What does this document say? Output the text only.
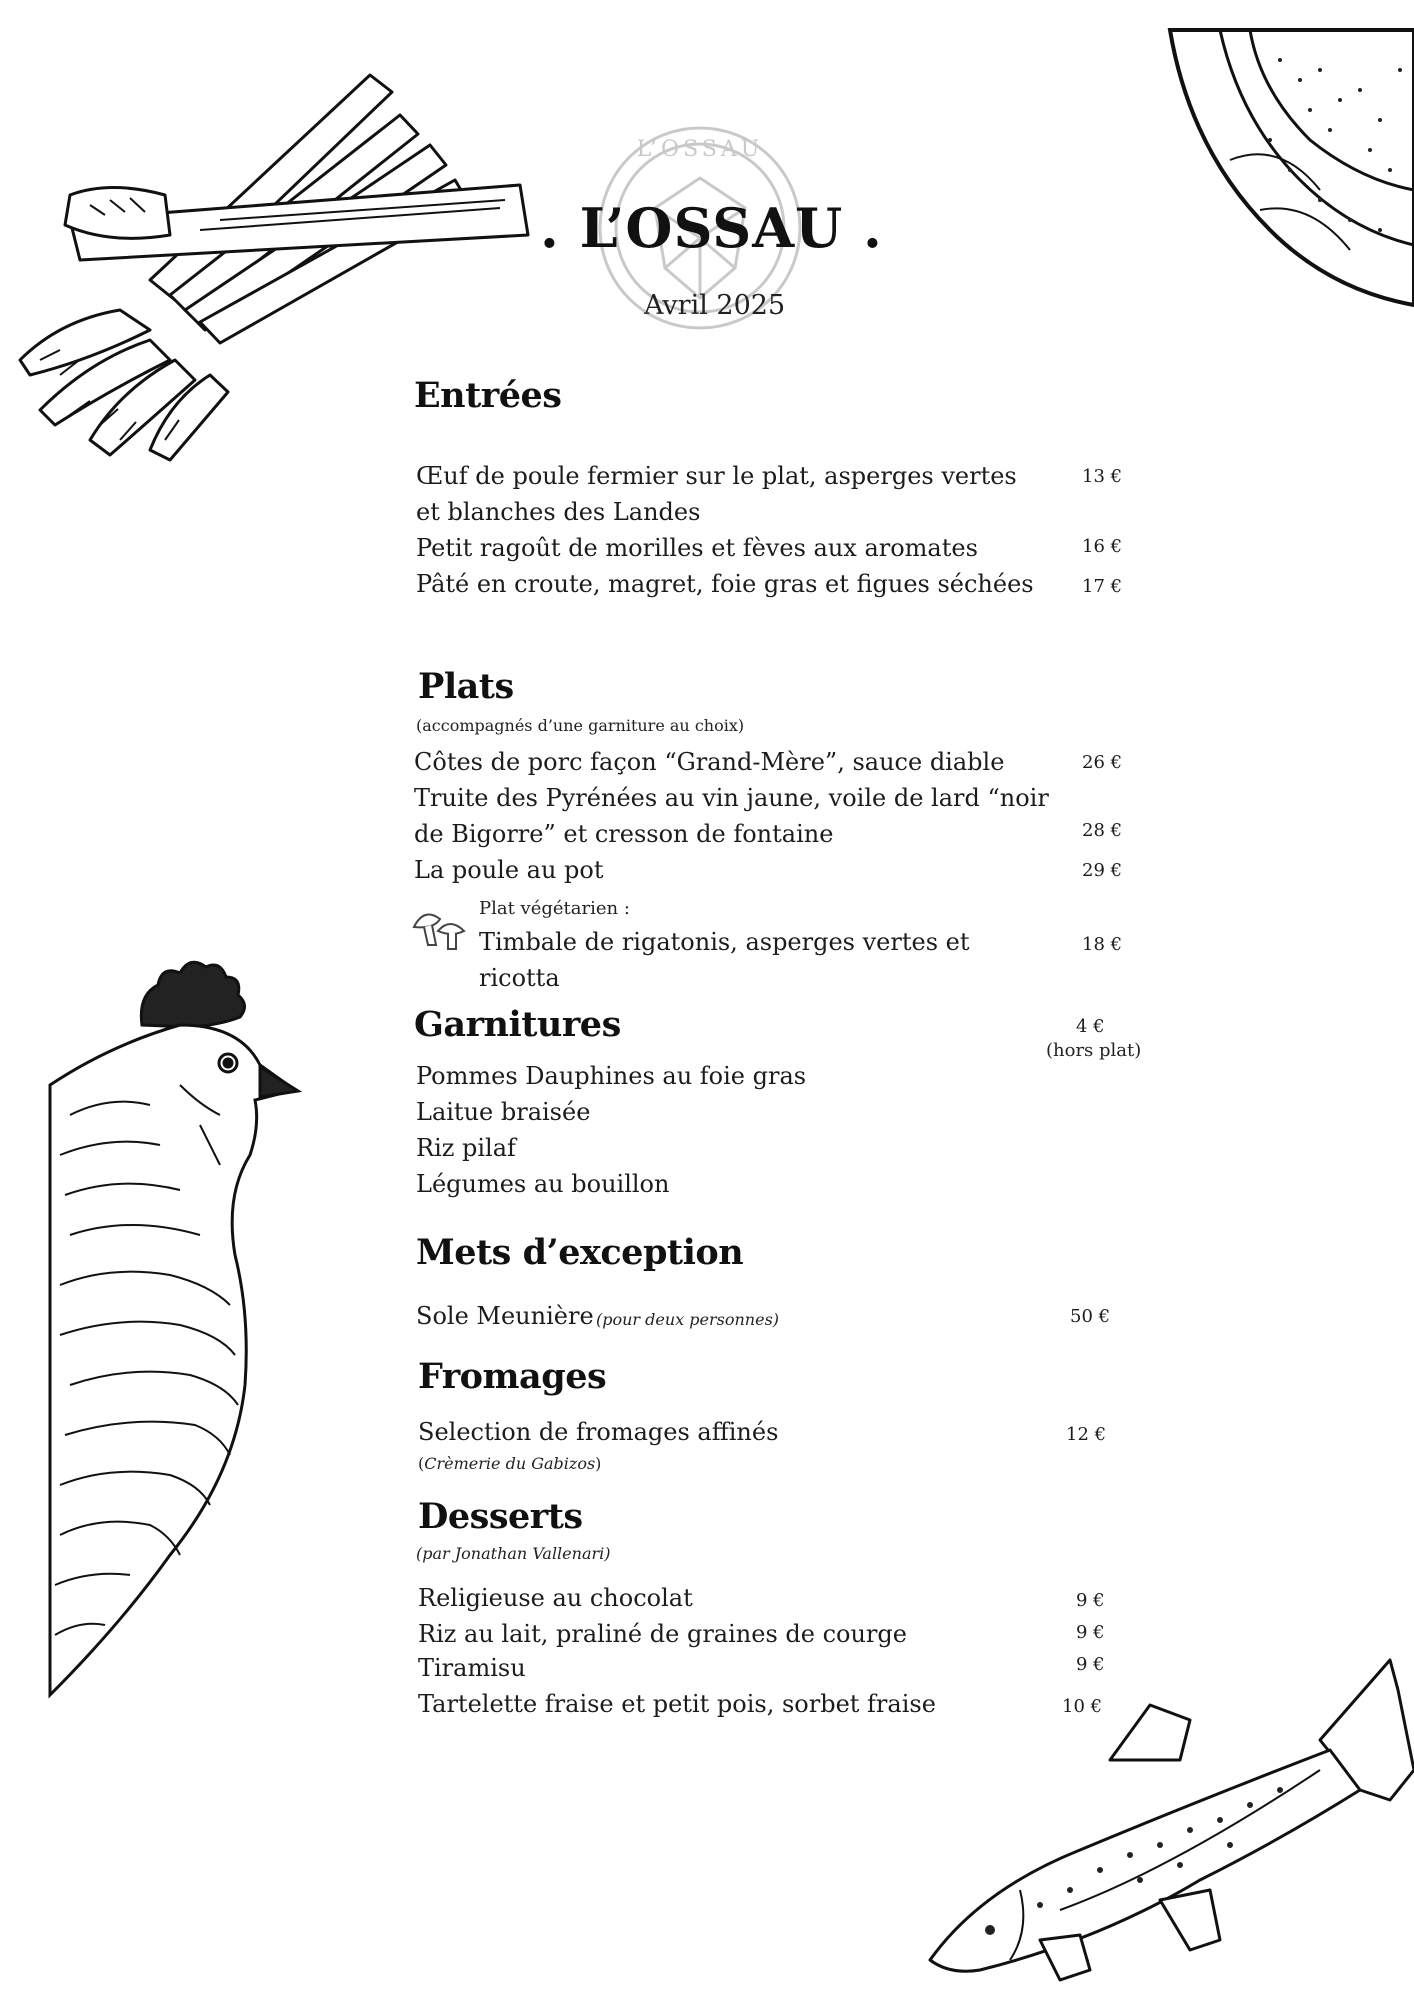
L’OSSAU
. L’OSSAU .
Avril 2025
Entrées
Œuf de poule fermier sur le plat, asperges vertes
et blanches des Landes
13 €
Petit ragoût de morilles et fèves aux aromates	16 €
Pâté en croute, magret, foie gras et figues séchées	17 €
Plats
(accompagnés d’une garniture au choix)
Côtes de porc façon “Grand-Mère”, sauce diable	26 €
Truite des Pyrénées au vin jaune, voile de lard “noir
de Bigorre” et cresson de fontaine	28 €
La poule au pot	29 €
Plat végétarien :
Timbale de rigatonis, asperges vertes et
ricotta
18 €
Garnitures	4 €
(hors plat)
Pommes Dauphines au foie gras
Laitue braisée
Riz pilaf
Légumes au bouillon
Mets d’exception
Sole Meunière (pour deux personnes)	50 €
Fromages
Selection de fromages affinés	12 €
(Crèmerie du Gabizos)
Desserts
(par Jonathan Vallenari)
Religieuse au chocolat	9 €
Riz au lait, praliné de graines de courge	9 €
Tiramisu	9 €
Tartelette fraise et petit pois, sorbet fraise	10 €
